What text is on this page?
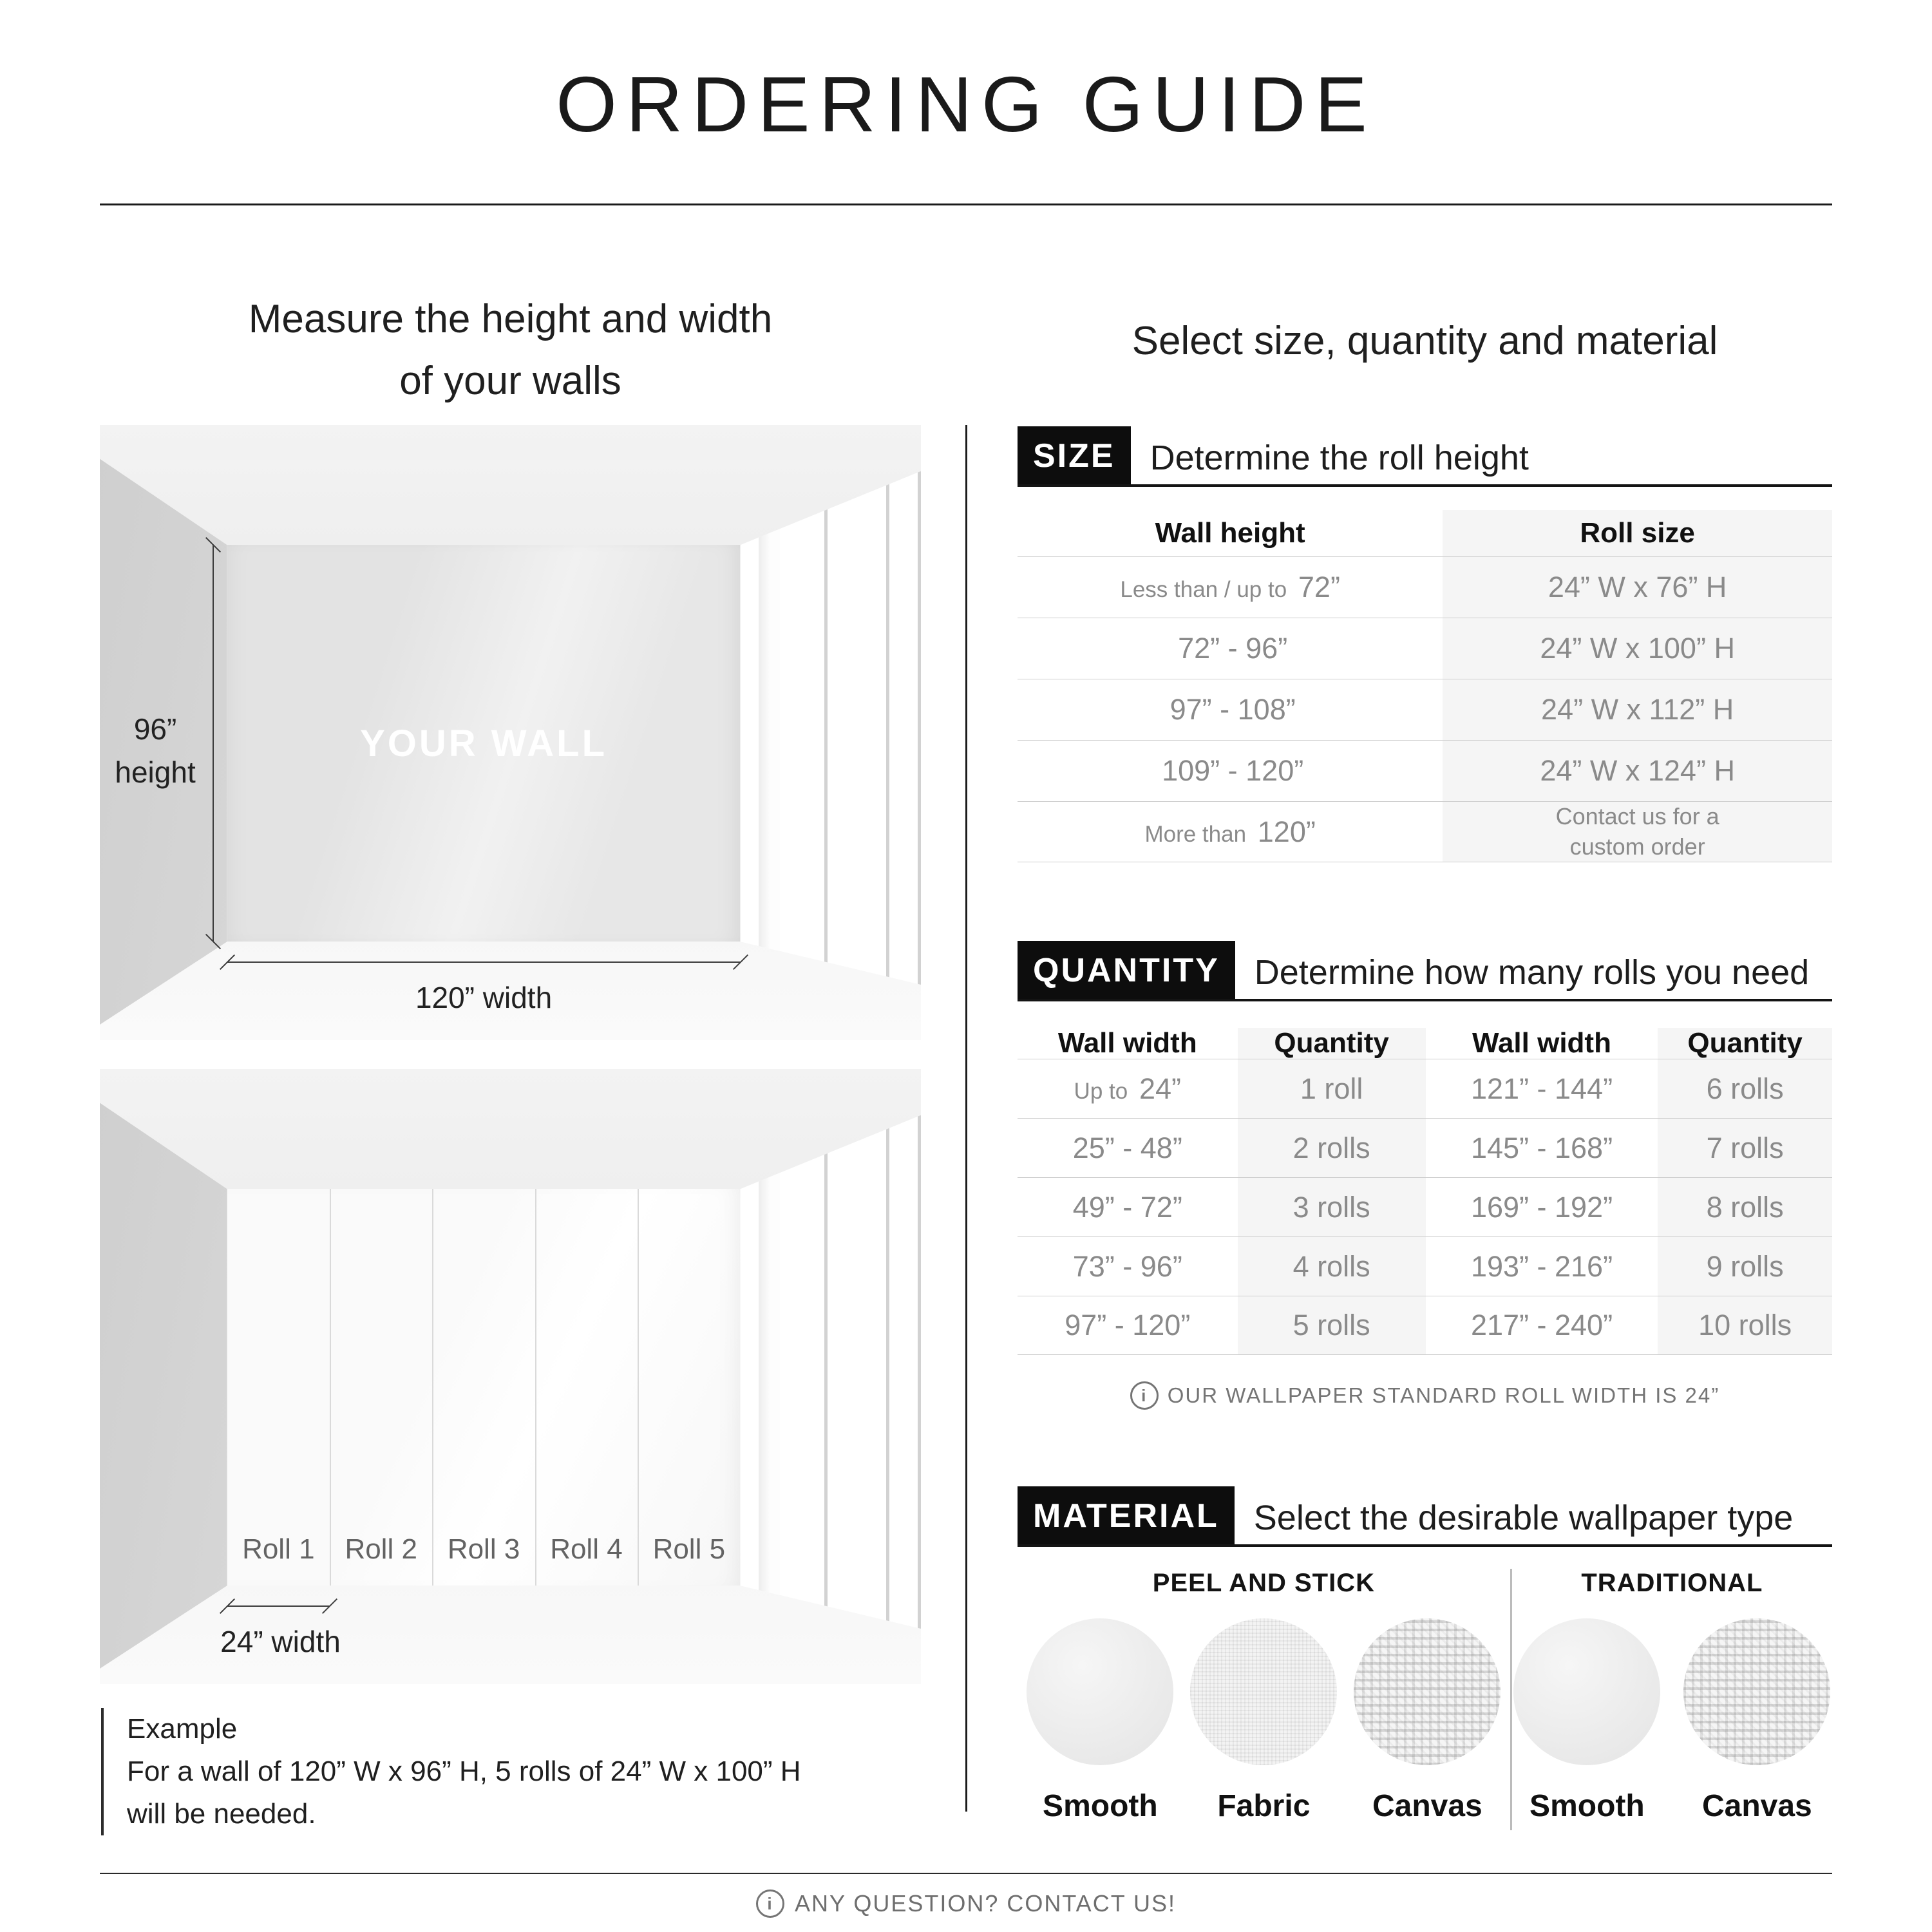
ORDERING GUIDE
Measure the height and width
of your walls
YOUR WALL
96”
height
120” width
Roll 1	Roll 2	Roll 3	Roll 4	Roll 5
24” width
Example
For a wall of 120” W x 96” H, 5 rolls of 24” W x 100” H
will be needed.
Select size, quantity and material
SIZE	Determine the roll height
Wall height	Roll size
Less than / up to 72”	24” W x 76” H
72” - 96”	24” W x 100” H
97” - 108”	24” W x 112” H
109” - 120”	24” W x 124” H
More than 120”	Contact us for a custom order
QUANTITY	Determine how many rolls you need
Wall width	Quantity	Wall width	Quantity
Up to 24”	1 roll	121” - 144”	6 rolls
25” - 48”	2 rolls	145” - 168”	7 rolls
49” - 72”	3 rolls	169” - 192”	8 rolls
73” - 96”	4 rolls	193” - 216”	9 rolls
97” - 120”	5 rolls	217” - 240”	10 rolls
i OUR WALLPAPER STANDARD ROLL WIDTH IS 24”
MATERIAL	Select the desirable wallpaper type
PEEL AND STICK
Smooth Fabric Canvas
TRADITIONAL
Smooth Canvas
i ANY QUESTION? CONTACT US!
